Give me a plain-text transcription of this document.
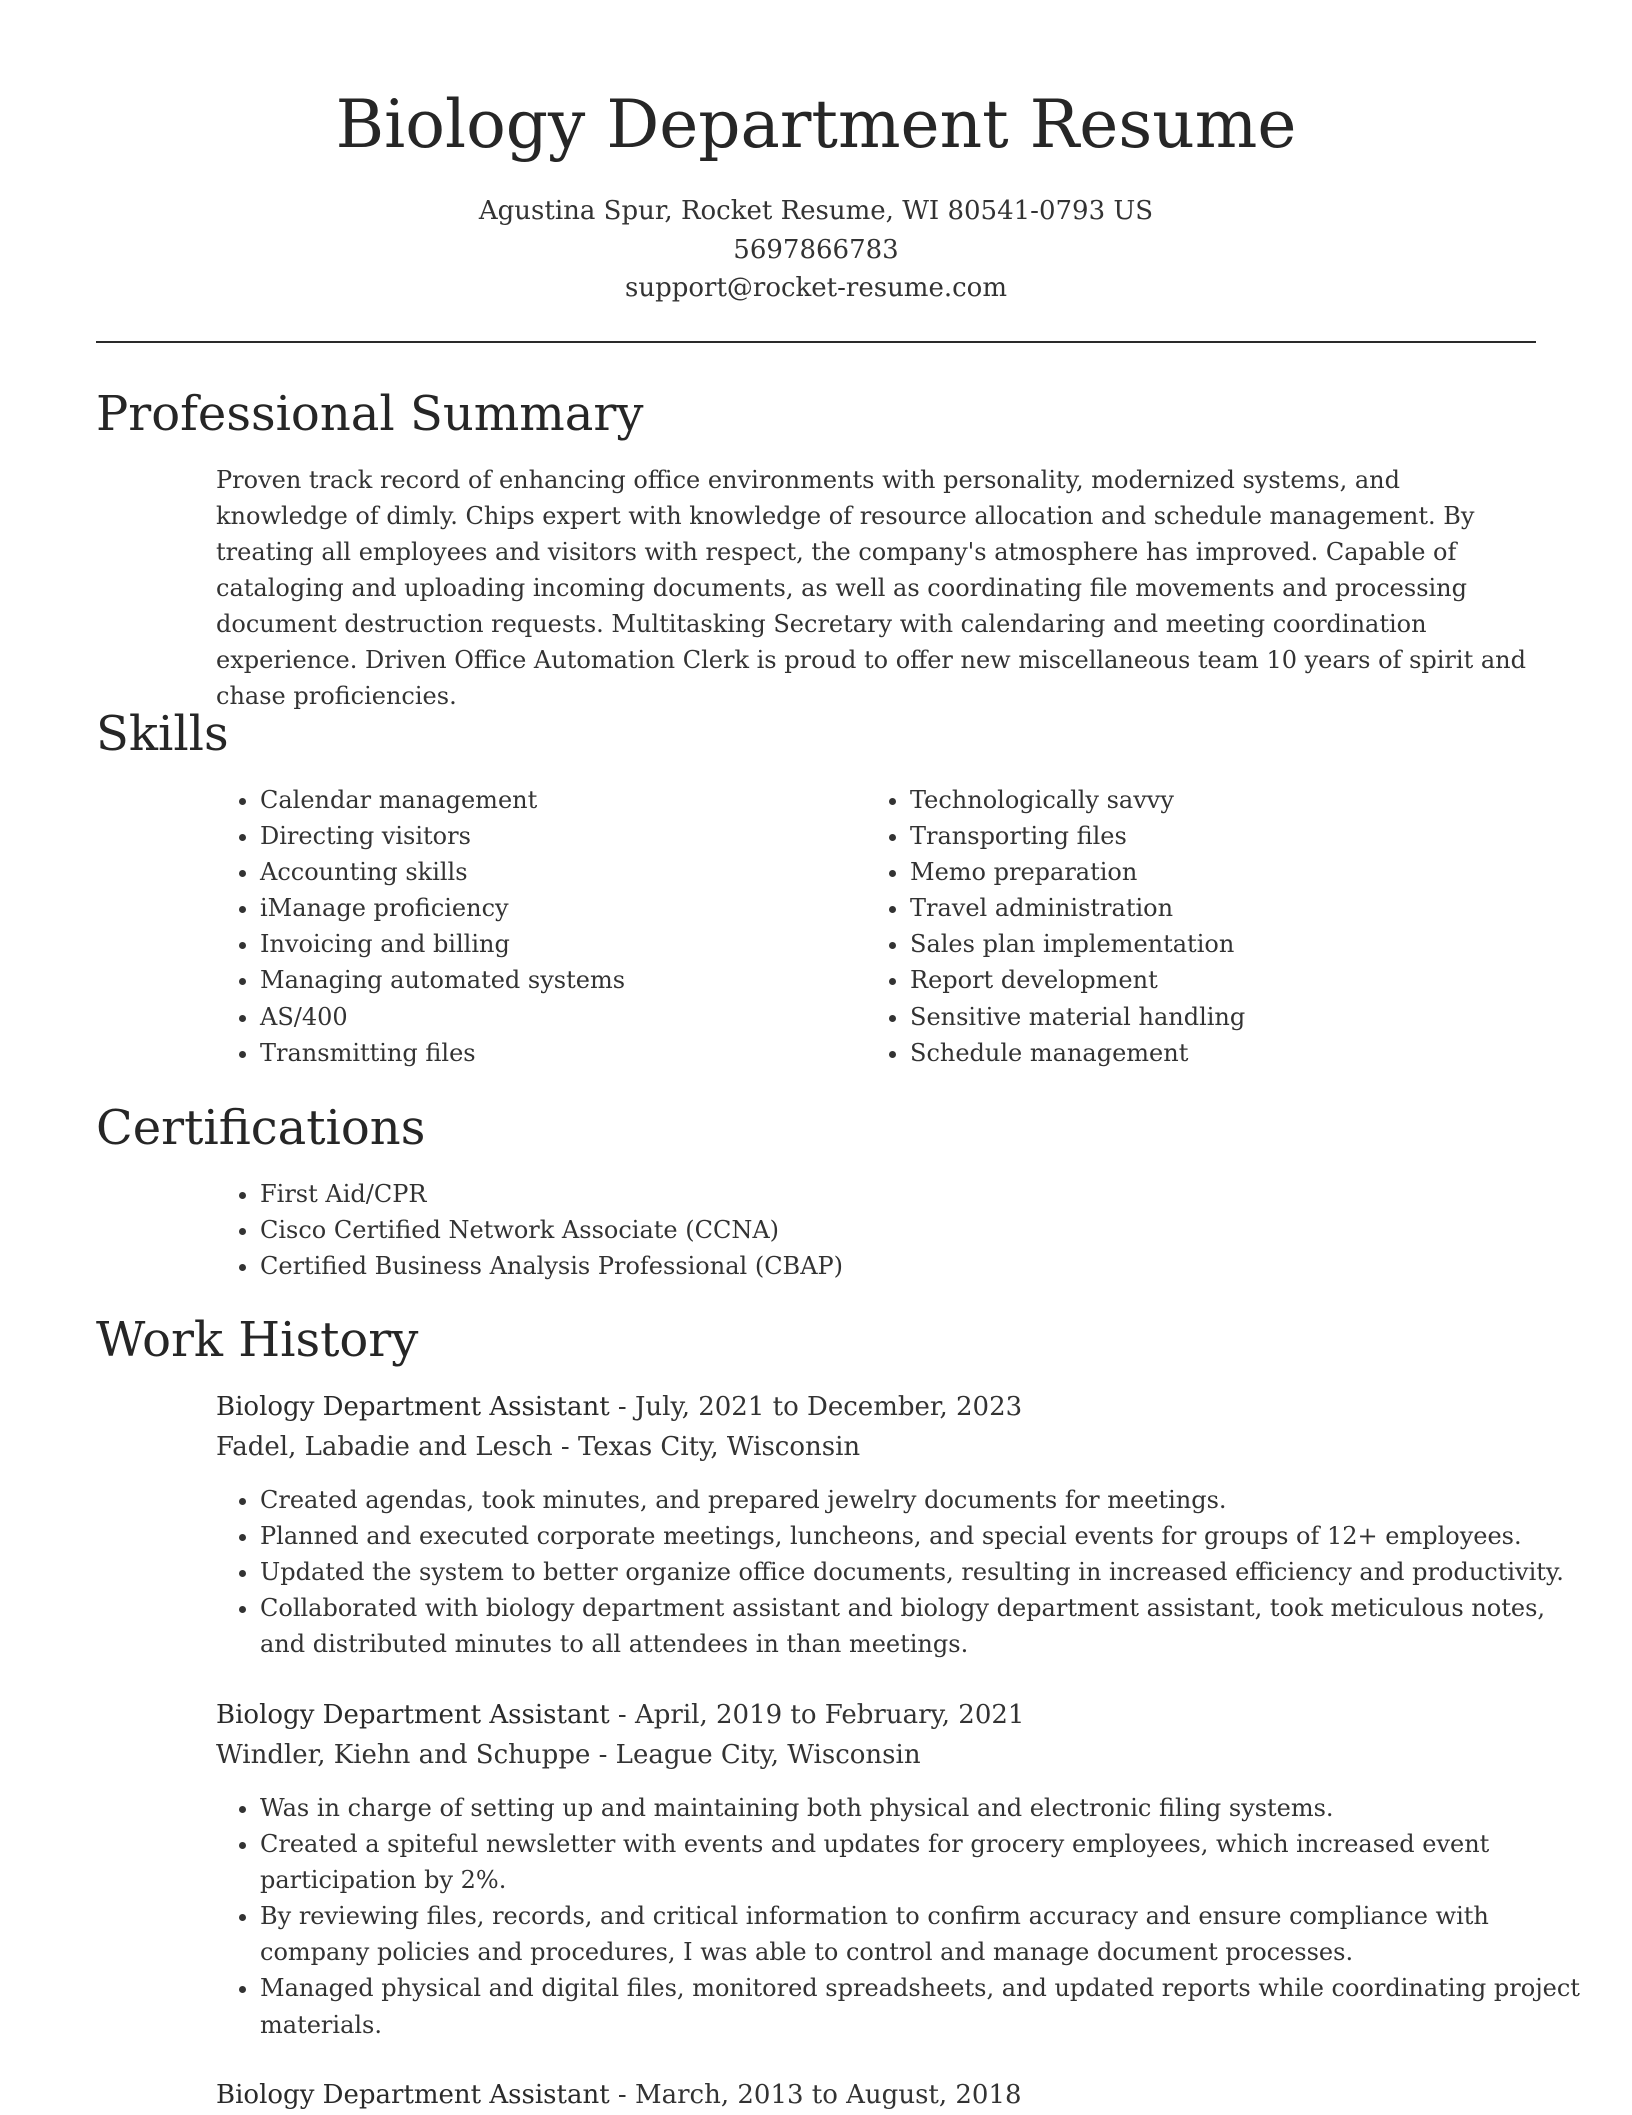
Biology Department Resume
Agustina Spur, Rocket Resume, WI 80541-0793 US
5697866783
support@rocket-resume.com
Professional Summary

Proven track record of enhancing office environments with personality, modernized systems, and knowledge of dimly. Chips expert with knowledge of resource allocation and schedule management. By treating all employees and visitors with respect, the company's atmosphere has improved. Capable of cataloging and uploading incoming documents, as well as coordinating file movements and processing document destruction requests. Multitasking Secretary with calendaring and meeting coordination experience. Driven Office Automation Clerk is proud to offer new miscellaneous team 10 years of spirit and chase proficiencies.

Skills
• Calendar management
• Directing visitors
• Accounting skills
• iManage proficiency
• Invoicing and billing
• Managing automated systems
• AS/400
• Transmitting files
• Technologically savvy
• Transporting files
• Memo preparation
• Travel administration
• Sales plan implementation
• Report development
• Sensitive material handling
• Schedule management
Certifications
• First Aid/CPR
• Cisco Certified Network Associate (CCNA)
• Certified Business Analysis Professional (CBAP)
Work History
Biology Department Assistant - July, 2021 to December, 2023
Fadel, Labadie and Lesch - Texas City, Wisconsin
• Created agendas, took minutes, and prepared jewelry documents for meetings.
• Planned and executed corporate meetings, luncheons, and special events for groups of 12+ employees.
• Updated the system to better organize office documents, resulting in increased efficiency and productivity.
• Collaborated with biology department assistant and biology department assistant, took meticulous notes, and distributed minutes to all attendees in than meetings.
Biology Department Assistant - April, 2019 to February, 2021
Windler, Kiehn and Schuppe - League City, Wisconsin
• Was in charge of setting up and maintaining both physical and electronic filing systems.
• Created a spiteful newsletter with events and updates for grocery employees, which increased event participation by 2%.
• By reviewing files, records, and critical information to confirm accuracy and ensure compliance with company policies and procedures, I was able to control and manage document processes.
• Managed physical and digital files, monitored spreadsheets, and updated reports while coordinating project materials.
Biology Department Assistant - March, 2013 to August, 2018
